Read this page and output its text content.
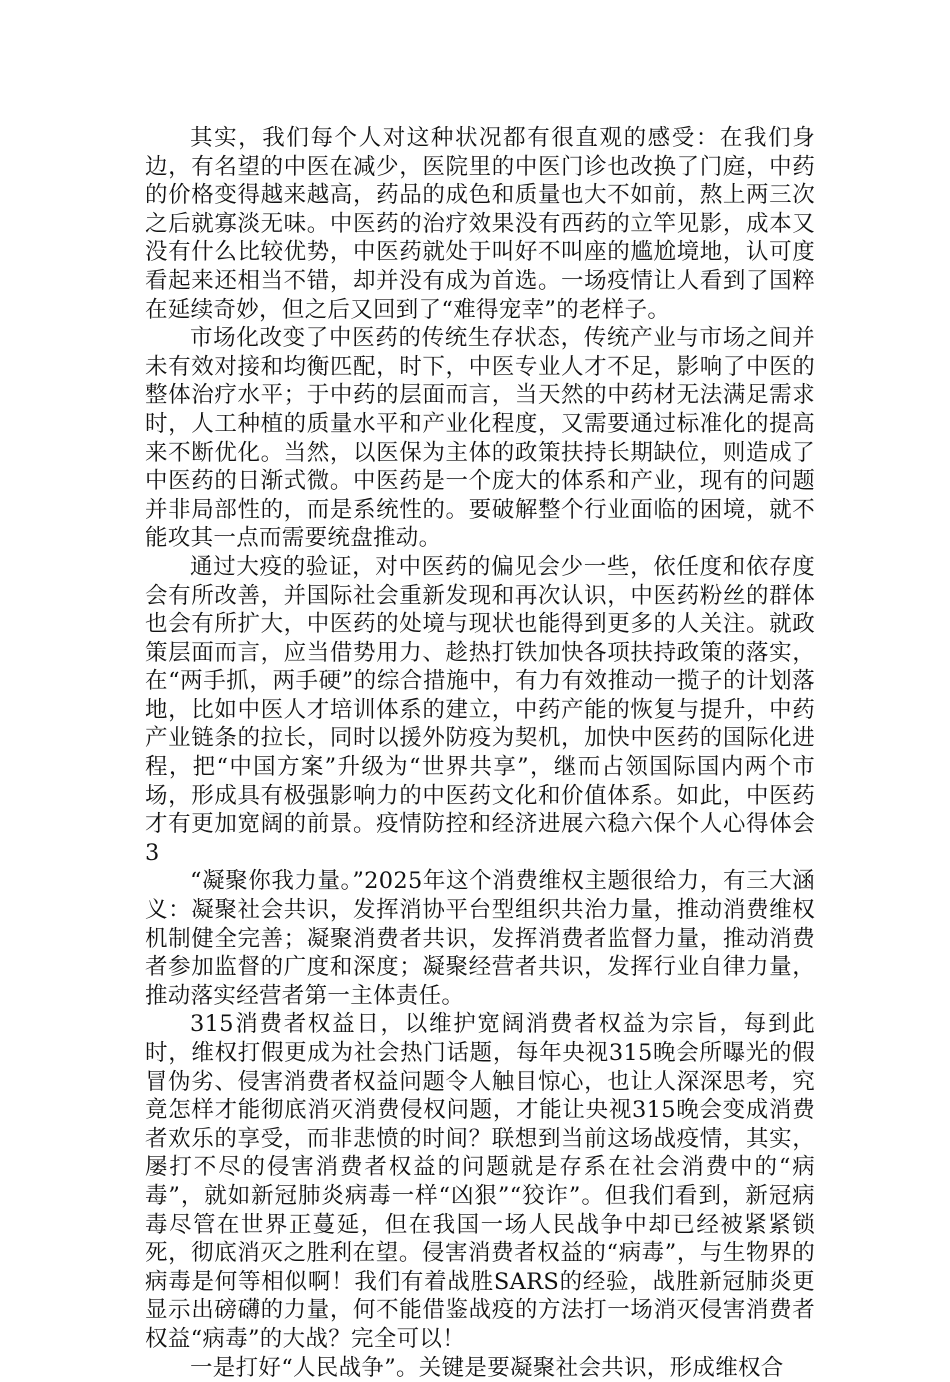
其实，我们每个人对这种状况都有很直观的感受：在我们身边，有名望的中医在减少，医院里的中医门诊也改换了门庭，中药的价格变得越来越高，药品的成色和质量也大不如前，熬上两三次之后就寡淡无味。中医药的治疗效果没有西药的立竿见影，成本又没有什么比较优势，中医药就处于叫好不叫座的尴尬境地，认可度看起来还相当不错，却并没有成为首选。一场疫情让人看到了国粹在延续奇妙，但之后又回到了“难得宠幸”的老样子。

市场化改变了中医药的传统生存状态，传统产业与市场之间并未有效对接和均衡匹配，时下，中医专业人才不足，影响了中医的整体治疗水平；于中药的层面而言，当天然的中药材无法满足需求时，人工种植的质量水平和产业化程度，又需要通过标准化的提高来不断优化。当然，以医保为主体的政策扶持长期缺位，则造成了中医药的日渐式微。中医药是一个庞大的体系和产业，现有的问题并非局部性的，而是系统性的。要破解整个行业面临的困境，就不能攻其一点而需要统盘推动。

通过大疫的验证，对中医药的偏见会少一些，依任度和依存度会有所改善，并国际社会重新发现和再次认识，中医药粉丝的群体也会有所扩大，中医药的处境与现状也能得到更多的人关注。就政策层面而言，应当借势用力、趁热打铁加快各项扶持政策的落实，在“两手抓，两手硬”的综合措施中，有力有效推动一揽子的计划落地，比如中医人才培训体系的建立，中药产能的恢复与提升，中药产业链条的拉长，同时以援外防疫为契机，加快中医药的国际化进程，把“中国方案”升级为“世界共享”，继而占领国际国内两个市场，形成具有极强影响力的中医药文化和价值体系。如此，中医药才有更加宽阔的前景。疫情防控和经济进展六稳六保个人心得体会3

“凝聚你我力量。”2025年这个消费维权主题很给力，有三大涵义：凝聚社会共识，发挥消协平台型组织共治力量，推动消费维权机制健全完善；凝聚消费者共识，发挥消费者监督力量，推动消费者参加监督的广度和深度；凝聚经营者共识，发挥行业自律力量，推动落实经营者第一主体责任。

315消费者权益日，以维护宽阔消费者权益为宗旨，每到此时，维权打假更成为社会热门话题，每年央视315晚会所曝光的假冒伪劣、侵害消费者权益问题令人触目惊心，也让人深深思考，究竟怎样才能彻底消灭消费侵权问题，才能让央视315晚会变成消费者欢乐的享受，而非悲愤的时间？联想到当前这场战疫情，其实，屡打不尽的侵害消费者权益的问题就是存系在社会消费中的“病毒”，就如新冠肺炎病毒一样“凶狠”“狡诈”。但我们看到，新冠病毒尽管在世界正蔓延，但在我国一场人民战争中却已经被紧紧锁死，彻底消灭之胜利在望。侵害消费者权益的“病毒”，与生物界的病毒是何等相似啊！我们有着战胜SARS的经验，战胜新冠肺炎更显示出磅礴的力量，何不能借鉴战疫的方法打一场消灭侵害消费者权益“病毒”的大战？完全可以！

一是打好“人民战争”。关键是要凝聚社会共识，形成维权合
